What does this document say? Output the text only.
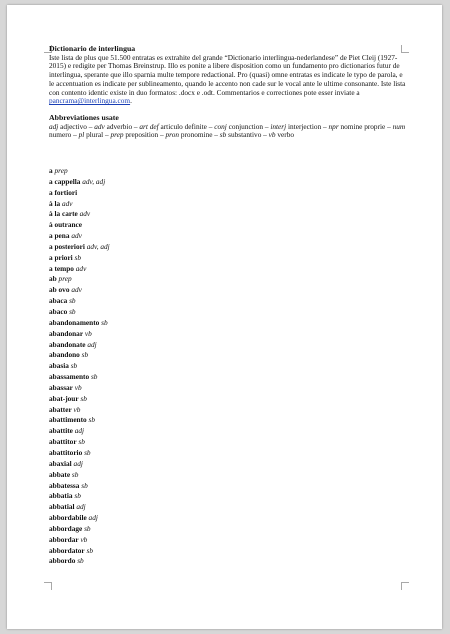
Dictionario de interlingua

Iste lista de plus que 51.500 entratas es extrahite del grande “Dictionario interlingua-nederlandese” de Piet Cleij (1927-2015) e redigite per Thomas Breinstrup. Illo es ponite a libere disposition como un fundamento pro dictionarios futur de interlingua, sperante que illo sparnia multe tempore redactional. Pro (quasi) omne entratas es indicate le typo de parola, e le accentuation es indicate per sublineamento, quando le accento non cade sur le vocal ante le ultime consonante. Iste lista con contento identic existe in duo formatos: .docx e .odt. Commentarios e correctiones pote esser inviate a pancrama@interlingua.com.

Abbreviationes usate

adj adjectivo – adv adverbio – art def articulo definite – conj conjunction – interj interjection – npr nomine proprie – num numero – pl plural – prep preposition – pron pronomine – sb substantivo – vb verbo

a prep
a cappella adv, adj
a fortiori
à la adv
à la carte adv
à outrance
a pena adv
a posteriori adv, adj
a priori sb
a tempo adv
ab prep
ab ovo adv
abaca sb
abaco sb
abandonamento sb
abandonar vb
abandonate adj
abandono sb
abasia sb
abassamento sb
abassar vb
abat-jour sb
abatter vb
abattimento sb
abattite adj
abattitor sb
abattitorio sb
abaxial adj
abbate sb
abbatessa sb
abbatia sb
abbatial adj
abbordabile adj
abbordage sb
abbordar vb
abbordator sb
abbordo sb
